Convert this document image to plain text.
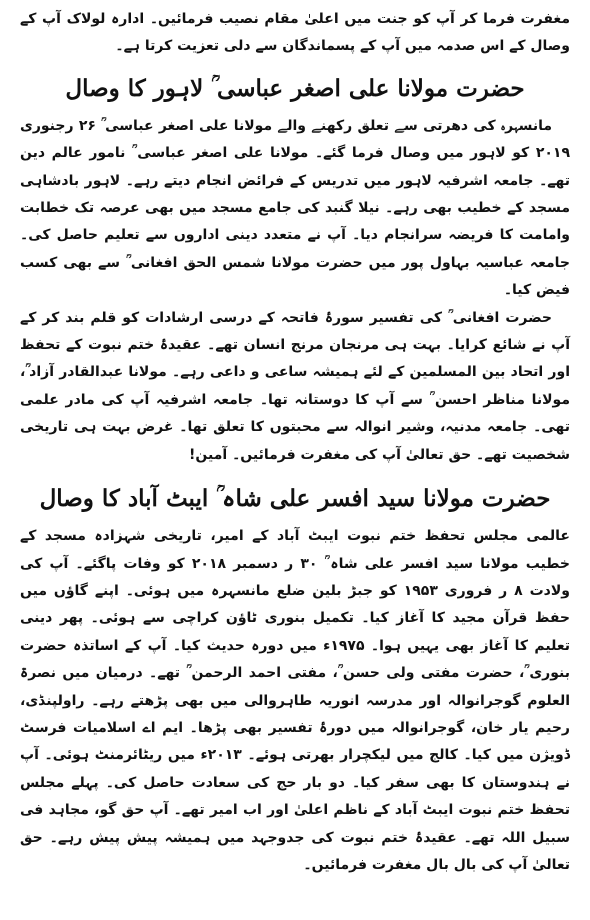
مغفرت فرما کر آپ کو جنت میں اعلیٰ مقام نصیب فرمائیں۔ ادارہ لولاک آپ کے وصال کے اس صدمہ میں آپ کے پسماندگان سے دلی تعزیت کرتا ہے۔

حضرت مولانا علی اصغر عباسی ؒ لاہور کا وصال

مانسہرہ کی دھرتی سے تعلق رکھنے والے مولانا علی اصغر عباسی ؒ ۲۶ رجنوری ۲۰۱۹ کو لاہور میں وصال فرما گئے۔ مولانا علی اصغر عباسی ؒ نامور عالم دین تھے۔ جامعہ اشرفیہ لاہور میں تدریس کے فرائض انجام دیتے رہے۔ لاہور بادشاہی مسجد کے خطیب بھی رہے۔ نیلا گنبد کی جامع مسجد میں بھی عرصہ تک خطابت وامامت کا فریضہ سرانجام دیا۔ آپ نے متعدد دینی اداروں سے تعلیم حاصل کی۔ جامعہ عباسیہ بہاول پور میں حضرت مولانا شمس الحق افغانی ؒ سے بھی کسب فیض کیا۔

حضرت افغانی ؒ کی تفسیر سورۂ فاتحہ کے درسی ارشادات کو قلم بند کر کے آپ نے شائع کرایا۔ بہت ہی مرنجان مرنج انسان تھے۔ عقیدۂ ختم نبوت کے تحفظ اور اتحاد بین المسلمین کے لئے ہمیشہ ساعی و داعی رہے۔ مولانا عبدالقادر آزاد ؒ، مولانا مناظر احسن ؒ سے آپ کا دوستانہ تھا۔ جامعہ اشرفیہ آپ کی مادر علمی تھی۔ جامعہ مدنیہ، وشیر انوالہ سے محبتوں کا تعلق تھا۔ غرض بہت ہی تاریخی شخصیت تھے۔ حق تعالیٰ آپ کی مغفرت فرمائیں۔ آمین!

حضرت مولانا سید افسر علی شاہ ؒ ایبٹ آباد کا وصال

عالمی مجلس تحفظ ختم نبوت ایبٹ آباد کے امیر، تاریخی شہزادہ مسجد کے خطیب مولانا سید افسر علی شاہ ؒ ۳۰ ر دسمبر ۲۰۱۸ کو وفات پاگئے۔ آپ کی ولادت ۸ ر فروری ۱۹۵۳ کو جبڑ بلین ضلع مانسہرہ میں ہوئی۔ اپنے گاؤں میں حفظ قرآن مجید کا آغاز کیا۔ تکمیل بنوری ٹاؤن کراچی سے ہوئی۔ پھر دینی تعلیم کا آغاز بھی یہیں ہوا۔ ۱۹۷۵ء میں دورہ حدیث کیا۔ آپ کے اساتذہ حضرت بنوری ؒ، حضرت مفتی ولی حسن ؒ، مفتی احمد الرحمن ؒ تھے۔ درمیان میں نصرۃ العلوم گوجرانوالہ اور مدرسہ انوریہ طاہروالی میں بھی پڑھتے رہے۔ راولپنڈی، رحیم یار خان، گوجرانوالہ میں دورۂ تفسیر بھی پڑھا۔ ایم اے اسلامیات فرسٹ ڈویژن میں کیا۔ کالج میں لیکچرار بھرتی ہوئے۔ ۲۰۱۳ء میں ریٹائرمنٹ ہوئی۔ آپ نے ہندوستان کا بھی سفر کیا۔ دو بار حج کی سعادت حاصل کی۔ پہلے مجلس تحفظ ختم نبوت ایبٹ آباد کے ناظم اعلیٰ اور اب امیر تھے۔ آپ حق گو، مجاہد فی سبیل اللہ تھے۔ عقیدۂ ختم نبوت کی جدوجہد میں ہمیشہ پیش پیش رہے۔ حق تعالیٰ آپ کی بال بال مغفرت فرمائیں۔
